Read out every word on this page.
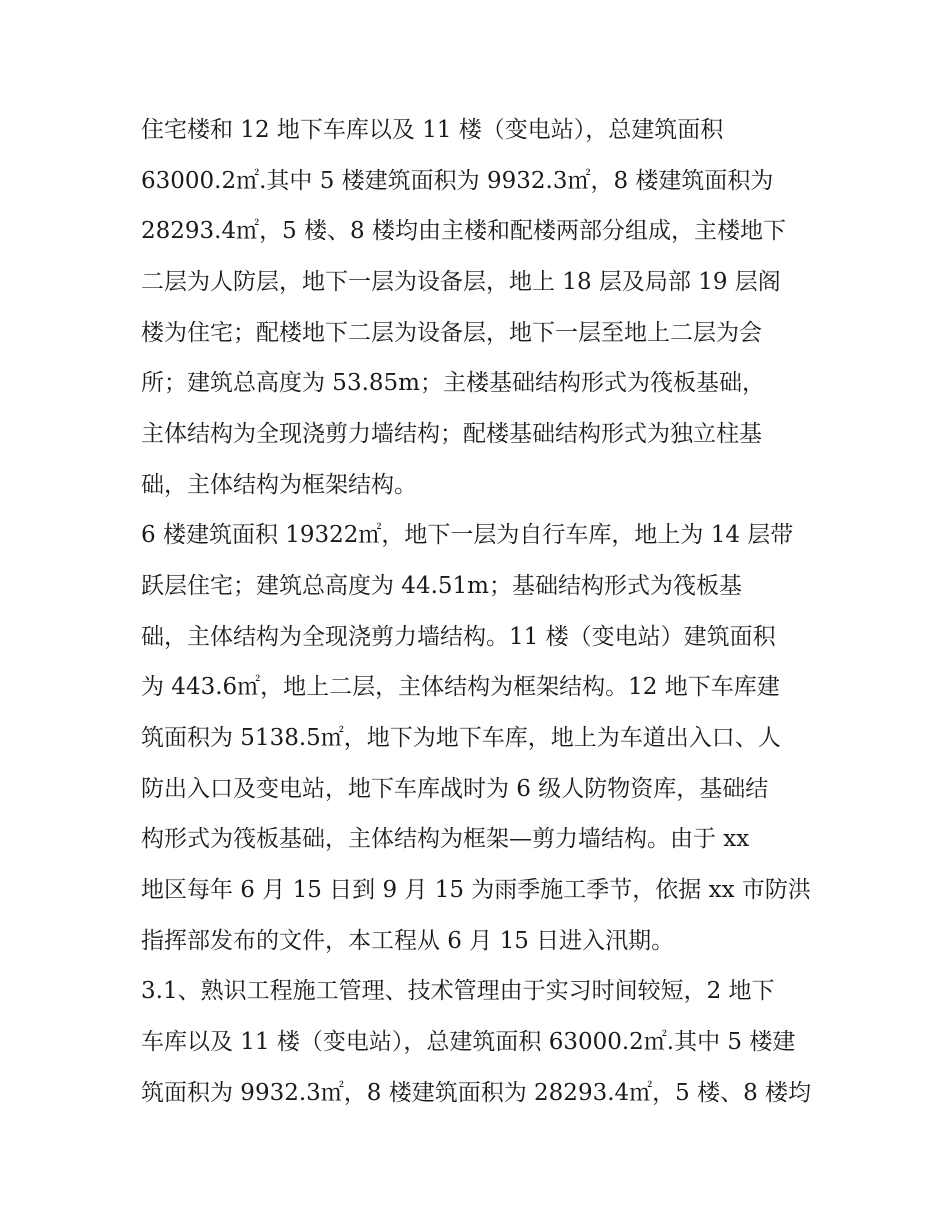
住宅楼和 12 地下车库以及 11 楼（变电站），总建筑面积
63000.2㎡.其中 5 楼建筑面积为 9932.3㎡，8 楼建筑面积为
28293.4㎡，5 楼、8 楼均由主楼和配楼两部分组成，主楼地下
二层为人防层，地下一层为设备层，地上 18 层及局部 19 层阁
楼为住宅；配楼地下二层为设备层，地下一层至地上二层为会
所；建筑总高度为 53.85m；主楼基础结构形式为筏板基础，
主体结构为全现浇剪力墙结构；配楼基础结构形式为独立柱基
础，主体结构为框架结构。
6 楼建筑面积 19322㎡，地下一层为自行车库，地上为 14 层带
跃层住宅；建筑总高度为 44.51m；基础结构形式为筏板基
础，主体结构为全现浇剪力墙结构。11 楼（变电站）建筑面积
为 443.6㎡，地上二层，主体结构为框架结构。12 地下车库建
筑面积为 5138.5㎡，地下为地下车库，地上为车道出入口、人
防出入口及变电站，地下车库战时为 6 级人防物资库，基础结
构形式为筏板基础，主体结构为框架—剪力墙结构。由于 xx
地区每年 6 月 15 日到 9 月 15 为雨季施工季节，依据 xx 市防洪
指挥部发布的文件，本工程从 6 月 15 日进入汛期。
3.1、熟识工程施工管理、技术管理由于实习时间较短，2 地下
车库以及 11 楼（变电站），总建筑面积 63000.2㎡.其中 5 楼建
筑面积为 9932.3㎡，8 楼建筑面积为 28293.4㎡，5 楼、8 楼均
